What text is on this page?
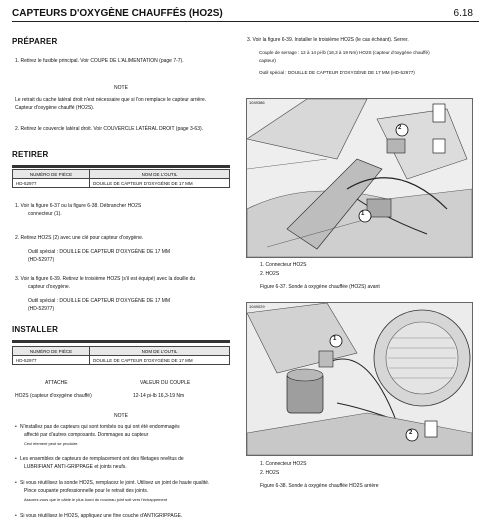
CAPTEURS D'OXYGÈNE CHAUFFÉS (HO2S)	6.18
PRÉPARER
1. Retirez le fusible principal. Voir COUPE DE L'ALIMENTATION (page 7-7).
NOTE
Le retrait du cache latéral droit n'est nécessaire que si l'on remplace le capteur arrière.
Capteur d'oxygène chauffé (HO2S).
2. Retirez le couvercle latéral droit. Voir COUVERCLE LATÉRAL DROIT (page 3-63).
RETIRER
NUMÉRO DE PIÈCE	NOM DE L'OUTIL
HD-52977	DOUILLE DE CAPTEUR D'OXYGÈNE DE 17 MM
1. Voir la figure 6-37 ou la figure 6-38. Débrancher HO2S
connecteur (1).
2. Retirez HO2S (2) avec une clé pour capteur d'oxygène.
Outil spécial : DOUILLE DE CAPTEUR D'OXYGÈNE DE 17 MM
(HD-52977)
3. Voir la figure 6-39. Retirez le troisième HO2S (s'il est équipé) avec la douille du
capteur d'oxygène.
Outil spécial : DOUILLE DE CAPTEUR D'OXYGÈNE DE 17 MM
(HD-52977)
INSTALLER
NUMÉRO DE PIÈCE	NOM DE L'OUTIL
HD-52977	DOUILLE DE CAPTEUR D'OXYGÈNE DE 17 MM
ATTACHE	VALEUR DU COUPLE
HO2S (capteur d'oxygène chauffé)	12-14 pi-lb 16,3-19 Nm
NOTE
• N'installez pas de capteurs qui sont tombés ou qui ont été endommagés
affecté par d'autres composants. Dommages au capteur
Ceci element peut se produire.
• Les ensembles de capteurs de remplacement ont des filetages revêtus de
LUBRIFIANT ANTI-GRIPPAGE et joints neufs.
• Si vous réutilisez la sonde HO2S, remplacez le joint. Utilisez un joint de haute qualité.
Pince coupante professionnelle pour le retrait des joints.
Assurez-vous que le câble le plus lourd du nouveau joint soit vers l'échappement
• Si vous réutilisez le HO2S, appliquez une fine couche d'ANTIGRIPPAGE.
3. Voir la figure 6-39. Installer le troisième HO2S (le cas échéant). Serrer.
Couple de serrage : 12 à 14 pi-lb (16,3 à 19 Nm) HO2S (capteur d'oxygène chauffé)
capteur)
Outil spécial : DOUILLE DE CAPTEUR D'OXYGÈNE DE 17 MM (HD-52977)
1049386
1
2
1. Connecteur HO2S
2. HO2S
Figure 6-37. Sonde à oxygène chauffée (HO2S) avant
1049029
1
2
1. Connecteur HO2S
2. HO2S
Figure 6-38. Sonde à oxygène chauffée HO2S arrière
